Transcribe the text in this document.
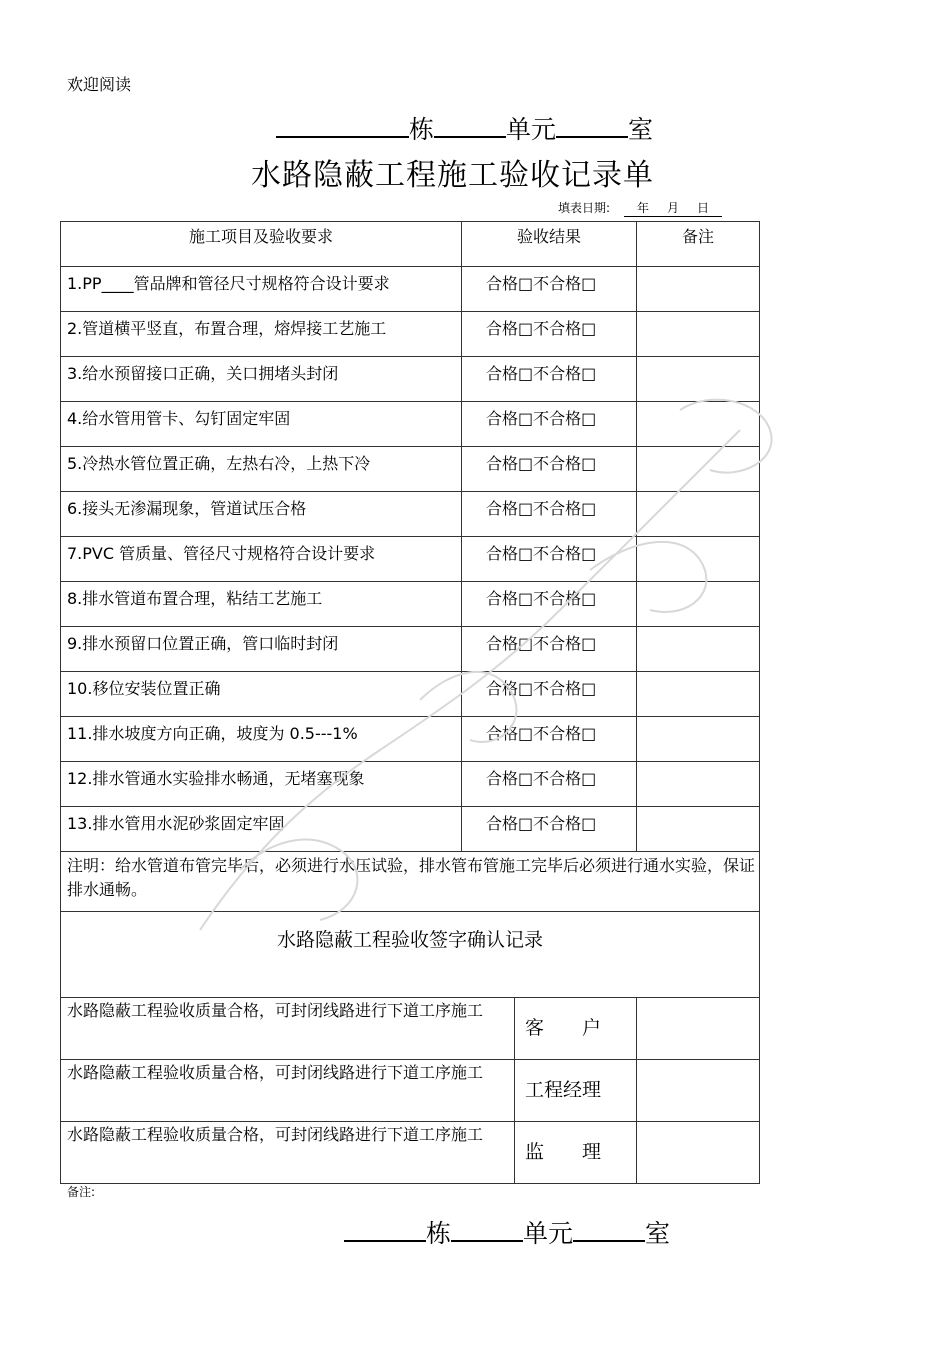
欢迎阅读
栋	单元	室
水路隐蔽工程施工验收记录单
填表日期: 年 月 日
施工项目及验收要求	验收结果		备注

1.PP____管品牌和管径尺寸规格符合设计要求	合格□不合格□		

2.管道横平竖直，布置合理，熔焊接工艺施工	合格□不合格□		

3.给水预留接口正确，关口拥堵头封闭	合格□不合格□		

4.给水管用管卡、勾钉固定牢固	合格□不合格□		

5.冷热水管位置正确，左热右冷，上热下冷	合格□不合格□		

6.接头无渗漏现象，管道试压合格	合格□不合格□		

7.PVC 管质量、管径尺寸规格符合设计要求	合格□不合格□		

8.排水管道布置合理，粘结工艺施工	合格□不合格□		

9.排水预留口位置正确，管口临时封闭	合格□不合格□		

10.移位安装位置正确	合格□不合格□		

11.排水坡度方向正确，坡度为 0.5---1%	合格□不合格□		

12.排水管通水实验排水畅通，无堵塞现象	合格□不合格□		

13.排水管用水泥砂浆固定牢固	合格□不合格□		

注明：给水管道布管完毕后，必须进行水压试验，排水管布管施工完毕后必须进行通水实验，保证排水通畅。			
水路隐蔽工程验收签字确认记录			
水路隐蔽工程验收质量合格，可封闭线路进行下道工序施工		客　　户	
水路隐蔽工程验收质量合格，可封闭线路进行下道工序施工		工程经理	
水路隐蔽工程验收质量合格，可封闭线路进行下道工序施工		监　　理	
备注:
栋	单元	室
